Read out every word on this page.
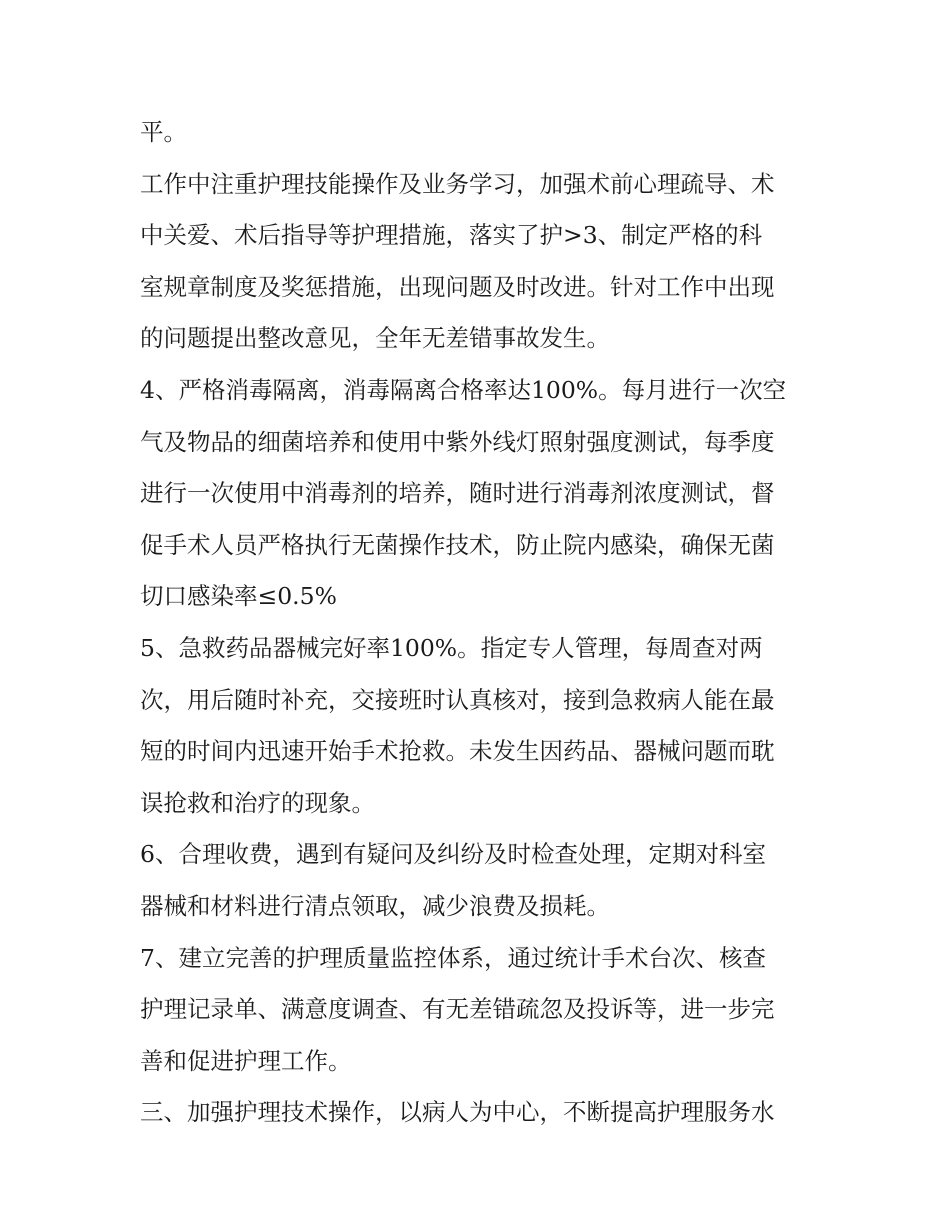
平。
工作中注重护理技能操作及业务学习，加强术前心理疏导、术
中关爱、术后指导等护理措施，落实了护>3、制定严格的科
室规章制度及奖惩措施，出现问题及时改进。针对工作中出现
的问题提出整改意见，全年无差错事故发生。
4、严格消毒隔离，消毒隔离合格率达100%。每月进行一次空
气及物品的细菌培养和使用中紫外线灯照射强度测试，每季度
进行一次使用中消毒剂的培养，随时进行消毒剂浓度测试，督
促手术人员严格执行无菌操作技术，防止院内感染，确保无菌
切口感染率≤0.5%
5、急救药品器械完好率100%。指定专人管理，每周查对两
次，用后随时补充，交接班时认真核对，接到急救病人能在最
短的时间内迅速开始手术抢救。未发生因药品、器械问题而耽
误抢救和治疗的现象。
6、合理收费，遇到有疑问及纠纷及时检查处理，定期对科室
器械和材料进行清点领取，减少浪费及损耗。
7、建立完善的护理质量监控体系，通过统计手术台次、核查
护理记录单、满意度调查、有无差错疏忽及投诉等，进一步完
善和促进护理工作。
三、加强护理技术操作，以病人为中心，不断提高护理服务水
